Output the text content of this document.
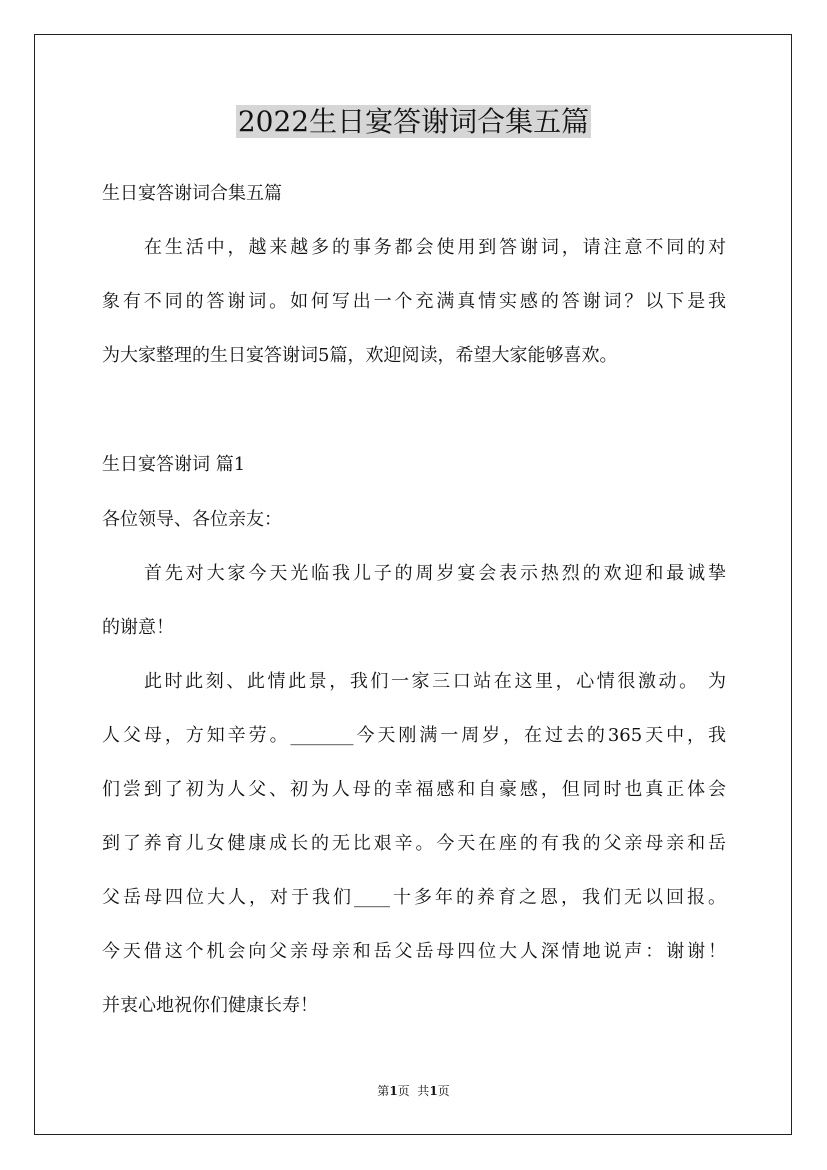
2022生日宴答谢词合集五篇
生日宴答谢词合集五篇
在生活中，越来越多的事务都会使用到答谢词，请注意不同的对
象有不同的答谢词。如何写出一个充满真情实感的答谢词？以下是我
为大家整理的生日宴答谢词5篇，欢迎阅读，希望大家能够喜欢。
生日宴答谢词 篇1
各位领导、各位亲友：
首先对大家今天光临我儿子的周岁宴会表示热烈的欢迎和最诚挚
的谢意！
此时此刻、此情此景，我们一家三口站在这里，心情很激动。 为
人父母，方知辛劳。_______今天刚满一周岁，在过去的365天中，我
们尝到了初为人父、初为人母的幸福感和自豪感，但同时也真正体会
到了养育儿女健康成长的无比艰辛。今天在座的有我的父亲母亲和岳
父岳母四位大人，对于我们____十多年的养育之恩，我们无以回报。
今天借这个机会向父亲母亲和岳父岳母四位大人深情地说声：谢谢！
并衷心地祝你们健康长寿！
第1页  共1页
